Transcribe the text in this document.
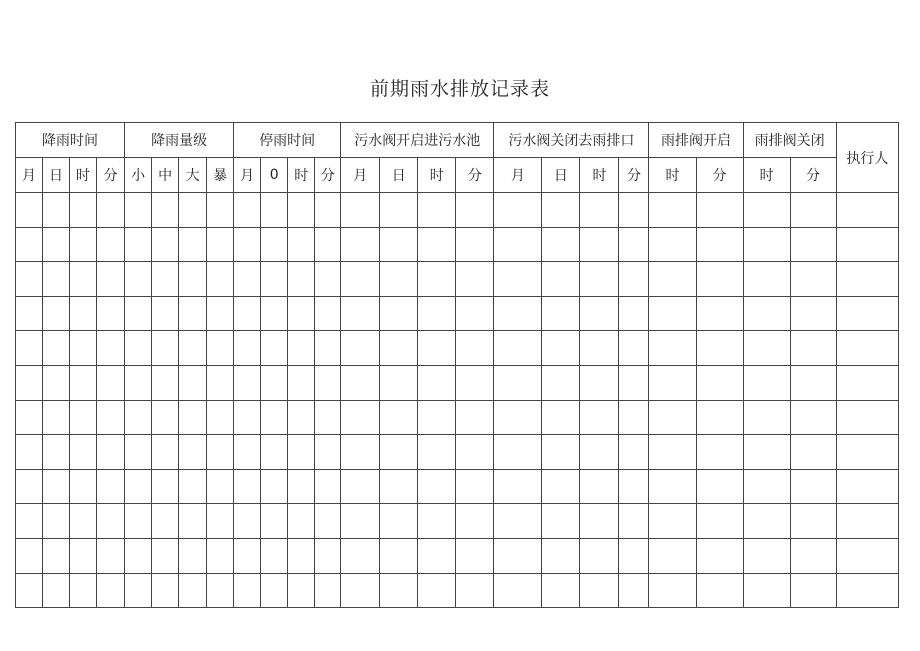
前期雨水排放记录表
降雨时间				降雨量级				停雨时间				污水阀开启进污水池				污水阀关闭去雨排口				雨排阀开启		雨排阀关闭		执行人
月	日	时	分	小	中	大	暴	月	0	时	分	月	日	时	分	月	日	时	分	时	分	时	分	
